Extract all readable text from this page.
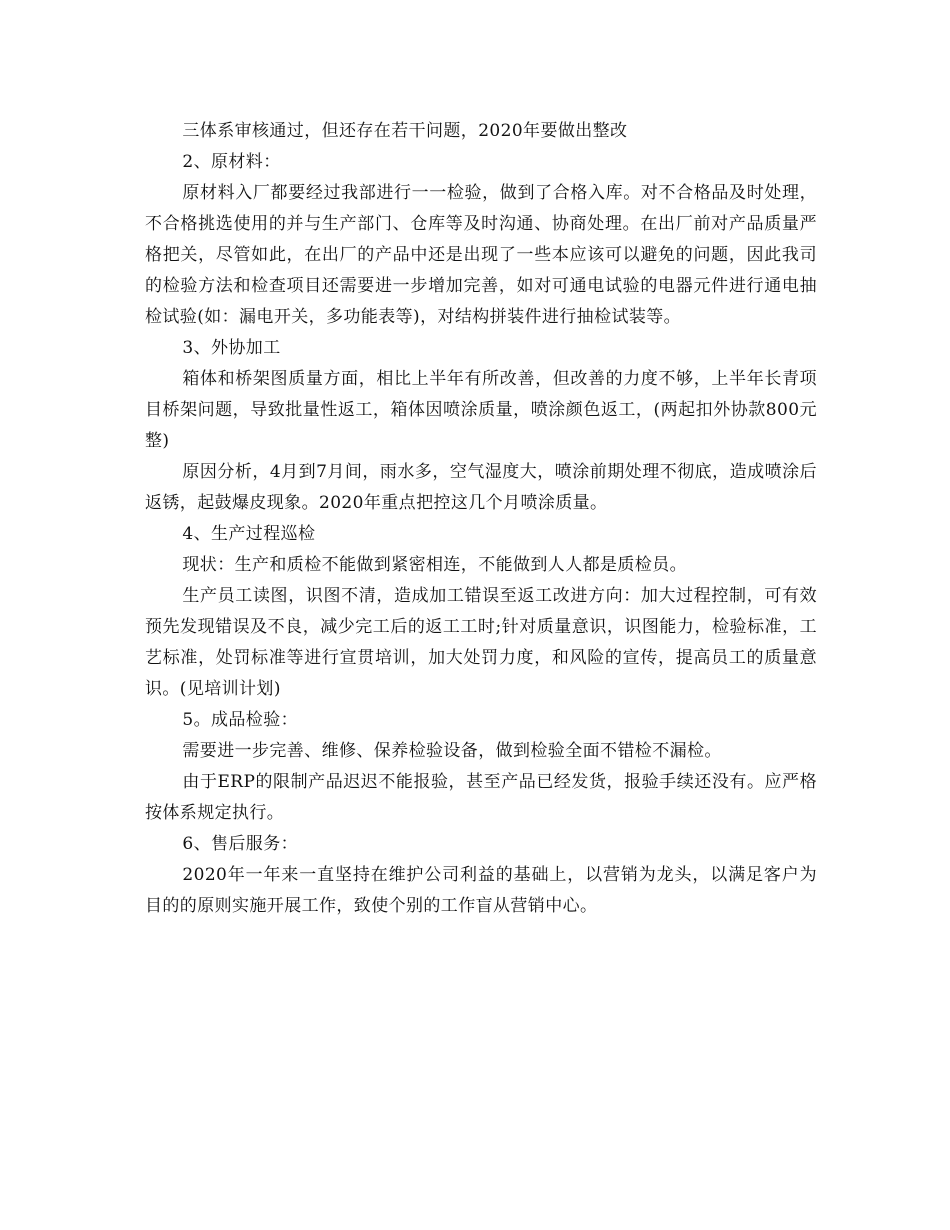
三体系审核通过，但还存在若干问题，2020年要做出整改

2、原材料：

原材料入厂都要经过我部进行一一检验，做到了合格入库。对不合格品及时处理，不合格挑选使用的并与生产部门、仓库等及时沟通、协商处理。在出厂前对产品质量严格把关，尽管如此，在出厂的产品中还是出现了一些本应该可以避免的问题，因此我司的检验方法和检查项目还需要进一步增加完善，如对可通电试验的电器元件进行通电抽检试验(如：漏电开关，多功能表等)，对结构拼装件进行抽检试装等。

3、外协加工

箱体和桥架图质量方面，相比上半年有所改善，但改善的力度不够，上半年长青项目桥架问题，导致批量性返工，箱体因喷涂质量，喷涂颜色返工，(两起扣外协款800元整)

原因分析，4月到7月间，雨水多，空气湿度大，喷涂前期处理不彻底，造成喷涂后返锈，起鼓爆皮现象。2020年重点把控这几个月喷涂质量。

4、生产过程巡检

现状：生产和质检不能做到紧密相连，不能做到人人都是质检员。

生产员工读图，识图不清，造成加工错误至返工改进方向：加大过程控制，可有效预先发现错误及不良，减少完工后的返工工时;针对质量意识，识图能力，检验标准，工艺标准，处罚标准等进行宣贯培训，加大处罚力度，和风险的宣传，提高员工的质量意识。(见培训计划)

5。成品检验：

需要进一步完善、维修、保养检验设备，做到检验全面不错检不漏检。

由于ERP的限制产品迟迟不能报验，甚至产品已经发货，报验手续还没有。应严格按体系规定执行。

6、售后服务：

2020年一年来一直坚持在维护公司利益的基础上，以营销为龙头，以满足客户为目的的原则实施开展工作，致使个别的工作盲从营销中心。
